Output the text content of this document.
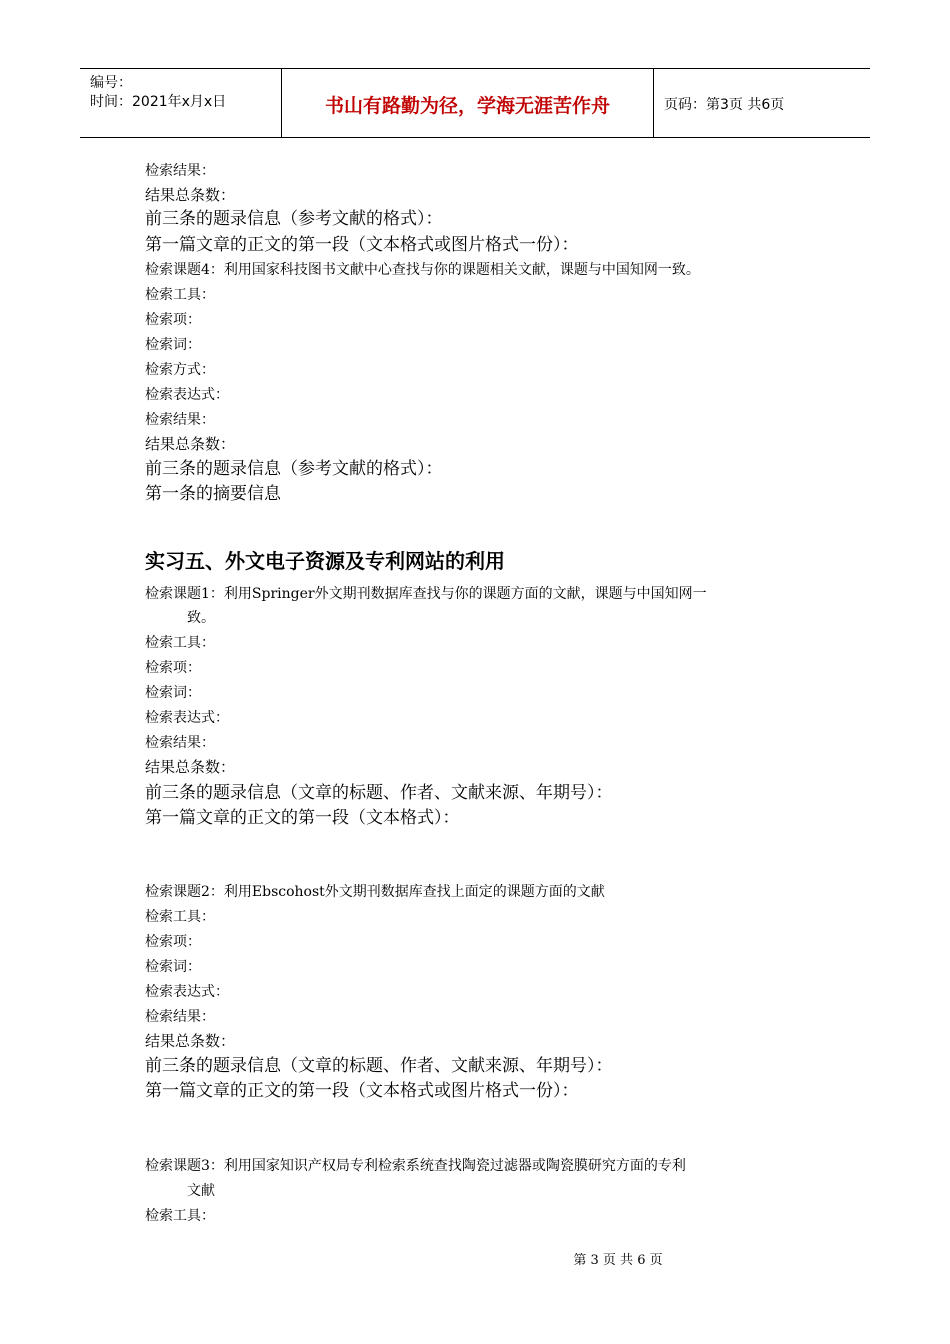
编号：
时间：2021年x月x日	书山有路勤为径，学海无涯苦作舟	页码：第3页 共6页
检索结果：
结果总条数：
前三条的题录信息（参考文献的格式）：
第一篇文章的正文的第一段（文本格式或图片格式一份）：
检索课题4：利用国家科技图书文献中心查找与你的课题相关文献，课题与中国知网一致。
检索工具：
检索项：
检索词：
检索方式：
检索表达式：
检索结果：
结果总条数：
前三条的题录信息（参考文献的格式）：
第一条的摘要信息
实习五、外文电子资源及专利网站的利用
检索课题1：利用Springer外文期刊数据库查找与你的课题方面的文献，课题与中国知网一
致。
检索工具：
检索项：
检索词：
检索表达式：
检索结果：
结果总条数：
前三条的题录信息（文章的标题、作者、文献来源、年期号）：
第一篇文章的正文的第一段（文本格式）：
检索课题2：利用Ebscohost外文期刊数据库查找上面定的课题方面的文献
检索工具：
检索项：
检索词：
检索表达式：
检索结果：
结果总条数：
前三条的题录信息（文章的标题、作者、文献来源、年期号）：
第一篇文章的正文的第一段（文本格式或图片格式一份）：
检索课题3：利用国家知识产权局专利检索系统查找陶瓷过滤器或陶瓷膜研究方面的专利
文献
检索工具：
第 3 页 共 6 页
